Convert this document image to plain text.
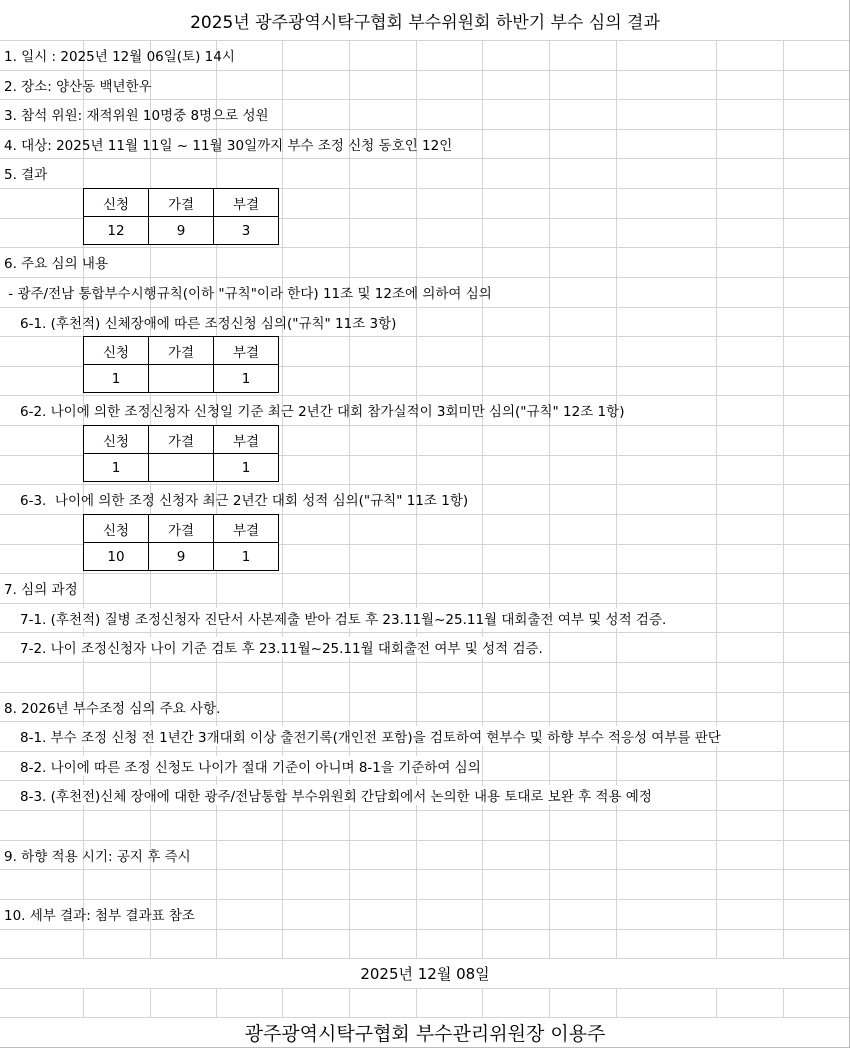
2025년 광주광역시탁구협회 부수위원회 하반기 부수 심의 결과
1. 일시 : 2025년 12월 06일(토) 14시
2. 장소: 양산동 백년한우
3. 참석 위원: 재적위원 10명중 8명으로 성원
4. 대상: 2025년 11월 11일 ~ 11월 30일까지 부수 조정 신청 동호인 12인
5. 결과
신청	가결	부결
12	9	3
6. 주요 심의 내용
- 광주/전남 통합부수시행규칙(이하 "규칙"이라 한다) 11조 및 12조에 의하여 심의
6-1. (후천적) 신체장애에 따른 조정신청 심의("규칙" 11조 3항)
신청	가결	부결
1		1
6-2. 나이에 의한 조정신청자 신청일 기준 최근 2년간 대회 참가실적이 3회미만 심의("규칙" 12조 1항)
신청	가결	부결
1		1
6-3.  나이에 의한 조정 신청자 최근 2년간 대회 성적 심의("규칙" 11조 1항)
신청	가결	부결
10	9	1
7. 심의 과정
7-1. (후천적) 질병 조정신청자 진단서 사본제출 받아 검토 후 23.11월~25.11월 대회출전 여부 및 성적 검증.
7-2. 나이 조정신청자 나이 기준 검토 후 23.11월~25.11월 대회출전 여부 및 성적 검증.
8. 2026년 부수조정 심의 주요 사항.
8-1. 부수 조정 신청 전 1년간 3개대회 이상 출전기록(개인전 포함)을 검토하여 현부수 및 하향 부수 적응성 여부를 판단
8-2. 나이에 따른 조정 신청도 나이가 절대 기준이 아니며 8-1을 기준하여 심의
8-3. (후천전)신체 장애에 대한 광주/전남통합 부수위원회 간담회에서 논의한 내용 토대로 보완 후 적용 예정
9. 하향 적용 시기: 공지 후 즉시
10. 세부 결과: 첨부 결과표 참조
2025년 12월 08일
광주광역시탁구협회 부수관리위원장 이용주
